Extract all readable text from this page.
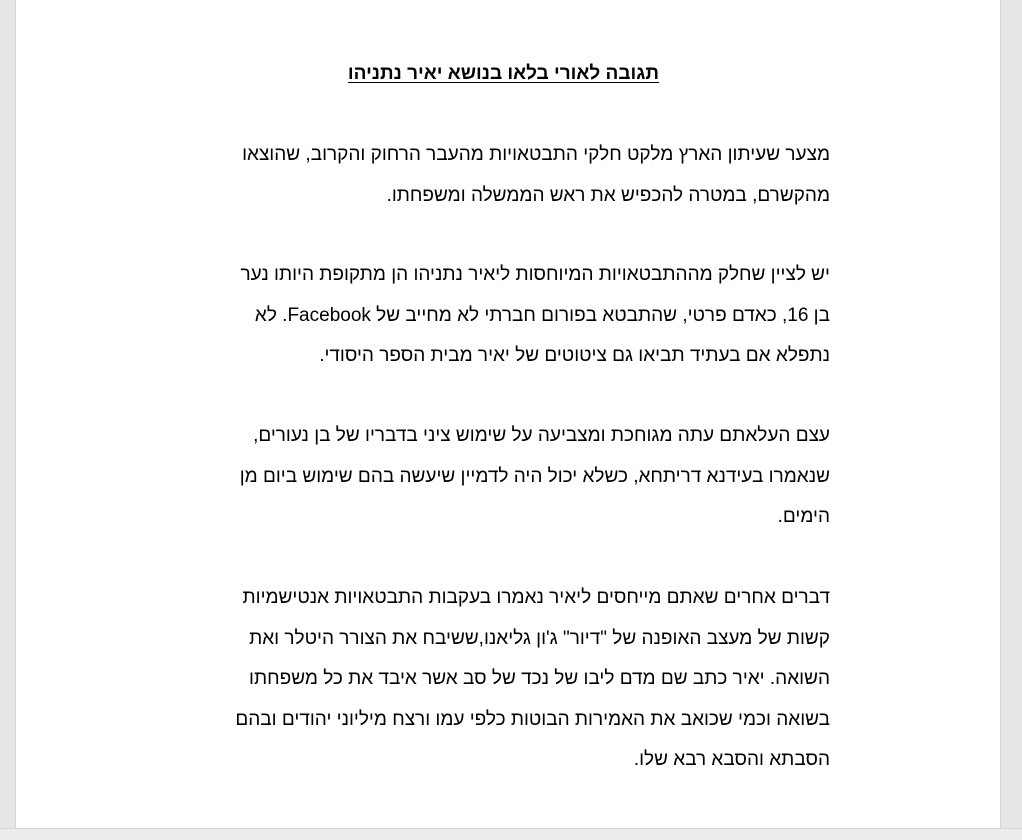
תגובה לאורי בלאו בנושא יאיר נתניהו

מצער שעיתון הארץ מלקט חלקי התבטאויות מהעבר הרחוק והקרוב, שהוצאו
מהקשרם, במטרה להכפיש את ראש הממשלה ומשפחתו.

יש לציין שחלק מההתבטאויות המיוחסות ליאיר נתניהו הן מתקופת היותו נער
בן 16, כאדם פרטי, שהתבטא בפורום חברתי לא מחייב של Facebook. לא
נתפלא אם בעתיד תביאו גם ציטוטים של יאיר מבית הספר היסודי.

עצם העלאתם עתה מגוחכת ומצביעה על שימוש ציני בדבריו של בן נעורים,
שנאמרו בעידנא דריתחא, כשלא יכול היה לדמיין שיעשה בהם שימוש ביום מן
הימים.

דברים אחרים שאתם מייחסים ליאיר נאמרו בעקבות התבטאויות אנטישמיות
קשות של מעצב האופנה של "דיור" ג'ון גליאנו,ששיבח את הצורר היטלר ואת
השואה. יאיר כתב שם מדם ליבו של נכד של סב אשר איבד את כל משפחתו
בשואה וכמי שכואב את האמירות הבוטות כלפי עמו ורצח מיליוני יהודים ובהם
הסבתא והסבא רבא שלו.
